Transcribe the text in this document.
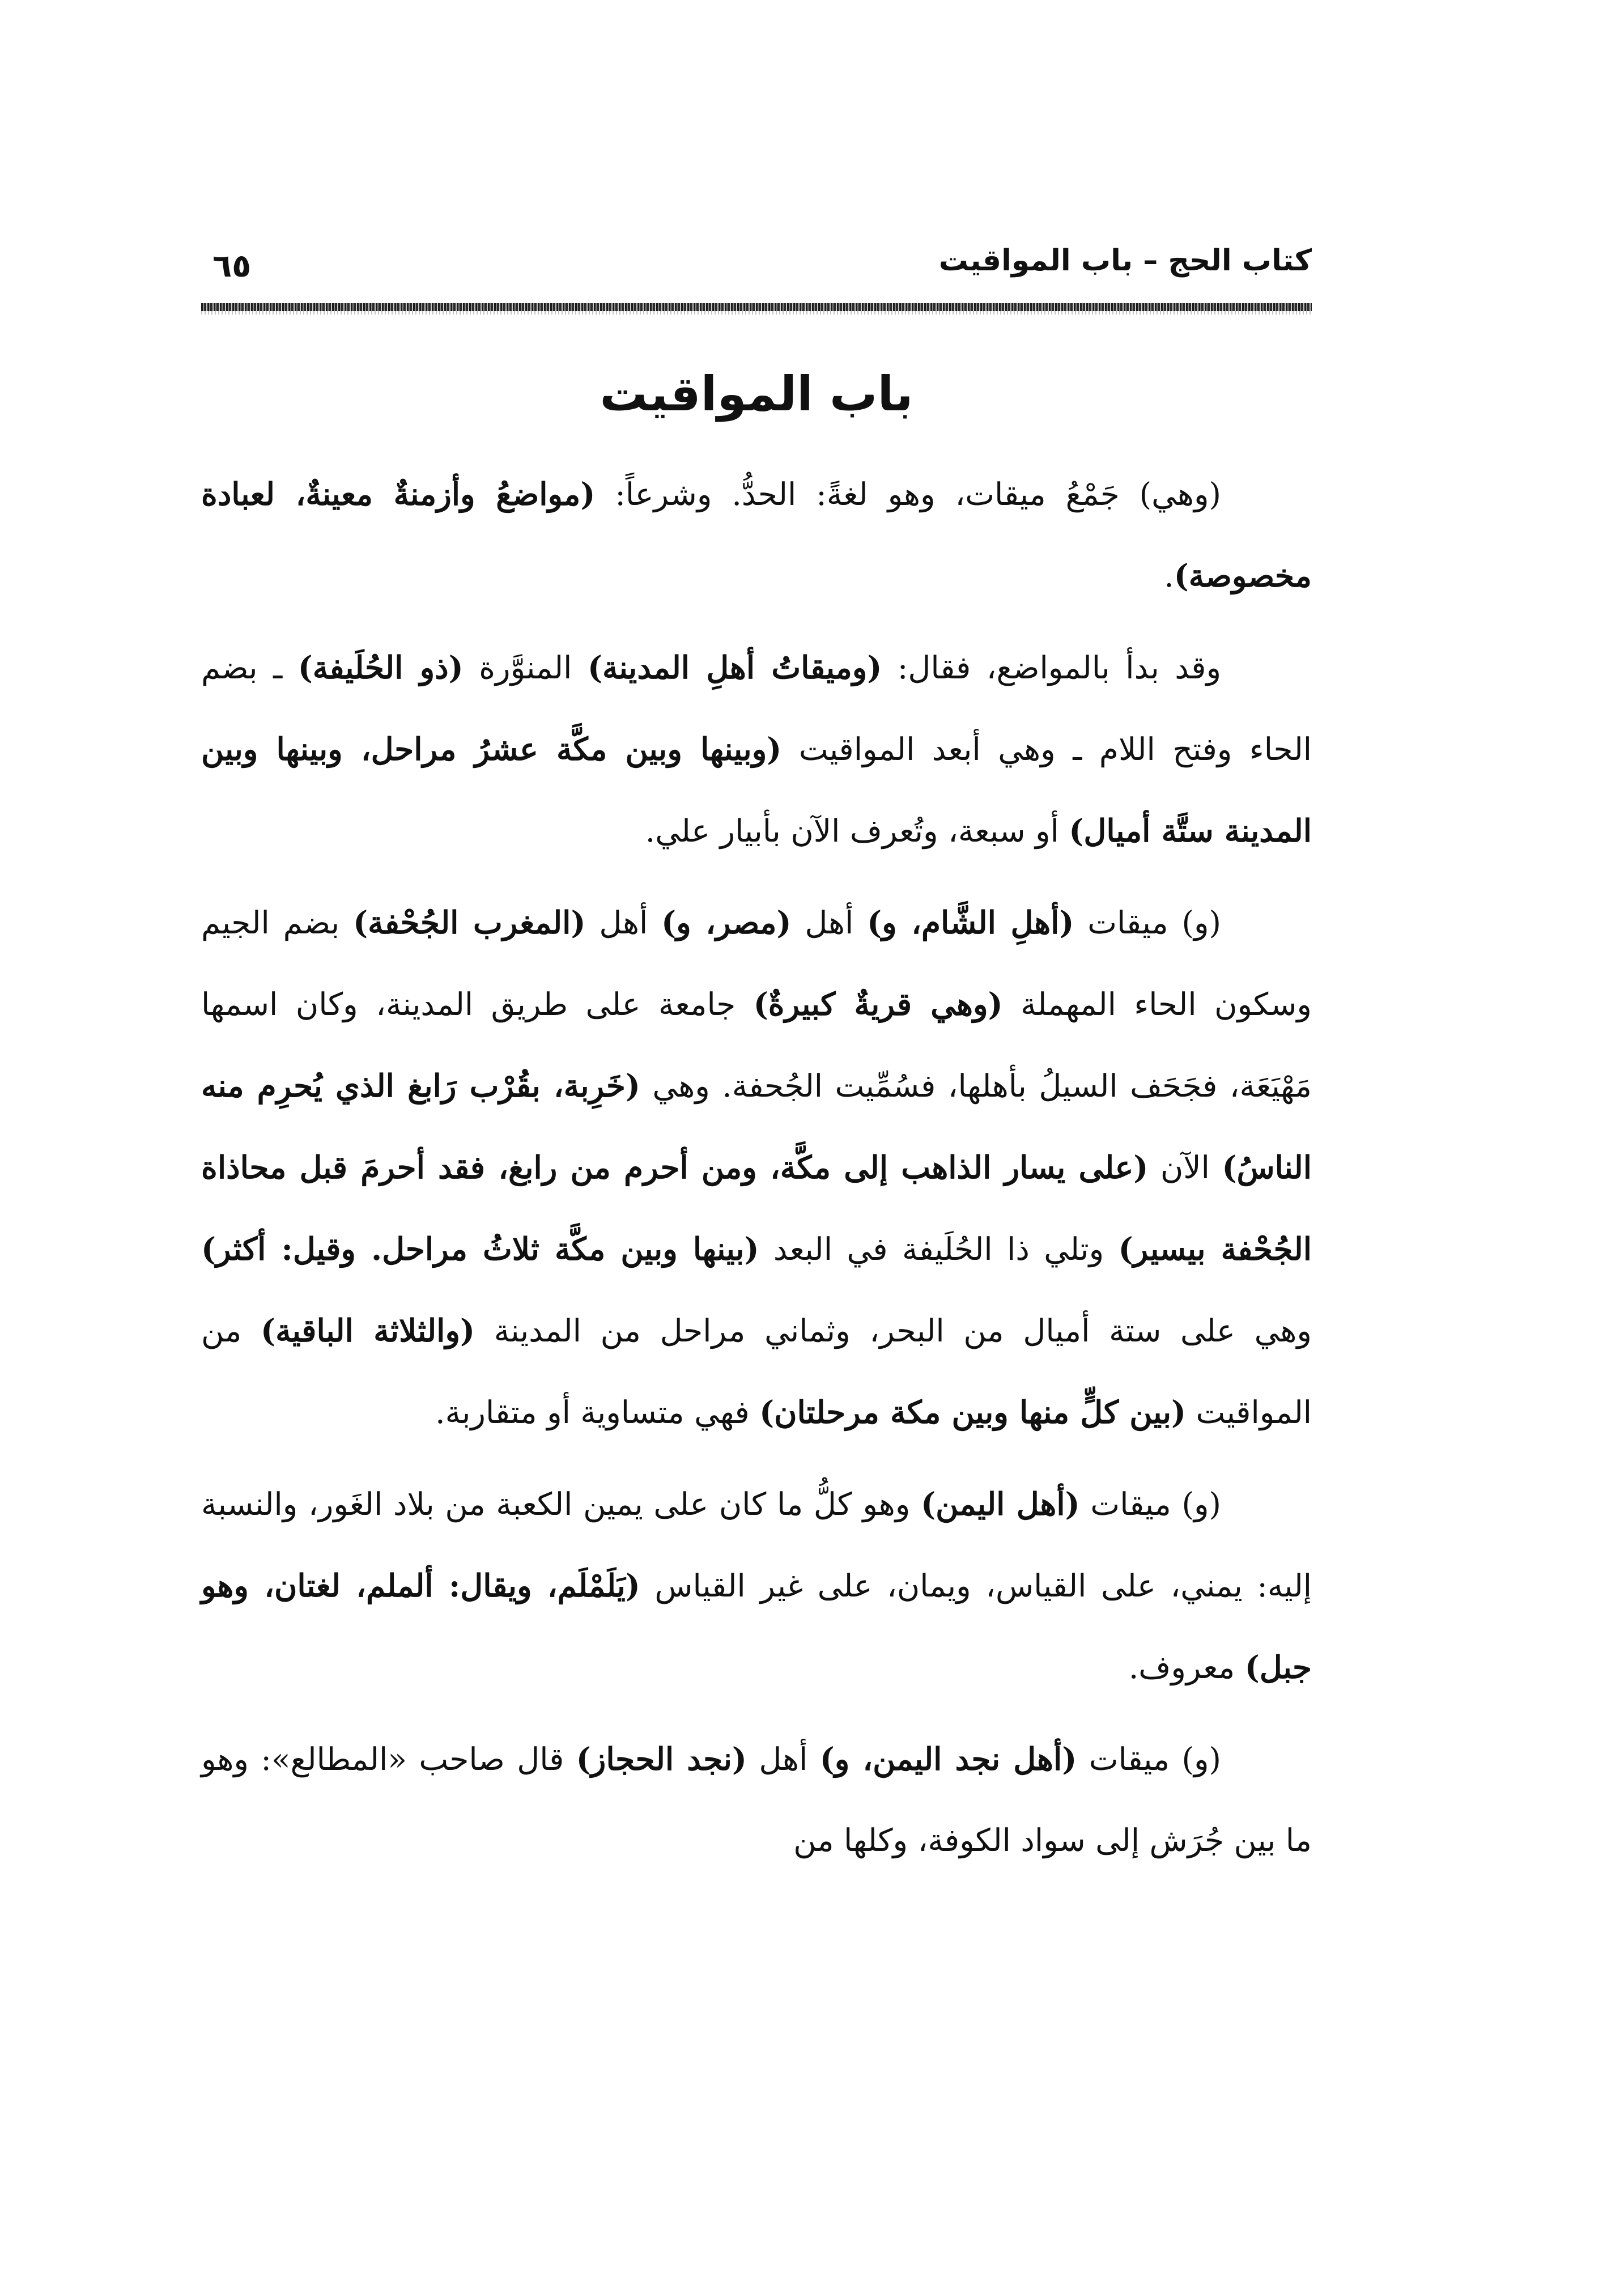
كتاب الحج – باب المواقيت
٦٥
باب المواقيت

(وهي) جَمْعُ ميقات، وهو لغةً: الحدُّ. وشرعاً: (مواضعُ وأزمنةٌ معينةٌ، لعبادة مخصوصة).

وقد بدأ بالمواضع، فقال: (وميقاتُ أهلِ المدينة) المنوَّرة (ذو الحُلَيفة) ـ بضم الحاء وفتح اللام ـ وهي أبعد المواقيت (وبينها وبين مكَّة عشرُ مراحل، وبينها وبين المدينة ستَّة أميال) أو سبعة، وتُعرف الآن بأبيار علي.

(و) ميقات (أهلِ الشَّام، و) أهل (مصر، و) أهل (المغرب الجُحْفة) بضم الجيم وسكون الحاء المهملة (وهي قريةٌ كبيرةٌ) جامعة على طريق المدينة، وكان اسمها مَهْيَعَة، فجَحَف السيلُ بأهلها، فسُمِّيت الجُحفة. وهي (خَرِبة، بقُرْب رَابغ الذي يُحرِم منه الناسُ) الآن (على يسار الذاهب إلى مكَّة، ومن أحرم من رابغ، فقد أحرمَ قبل محاذاة الجُحْفة بيسير) وتلي ذا الحُلَيفة في البعد (بينها وبين مكَّة ثلاثُ مراحل. وقيل: أكثر) وهي على ستة أميال من البحر، وثماني مراحل من المدينة (والثلاثة الباقية) من المواقيت (بين كلٍّ منها وبين مكة مرحلتان) فهي متساوية أو متقاربة.

(و) ميقات (أهل اليمن) وهو كلُّ ما كان على يمين الكعبة من بلاد الغَور، والنسبة إليه: يمني، على القياس، ويمان، على غير القياس (يَلَمْلَم، ويقال: ألملم، لغتان، وهو جبل) معروف.

(و) ميقات (أهل نجد اليمن، و) أهل (نجد الحجاز) قال صاحب «المطالع»: وهو ما بين جُرَش إلى سواد الكوفة، وكلها من
